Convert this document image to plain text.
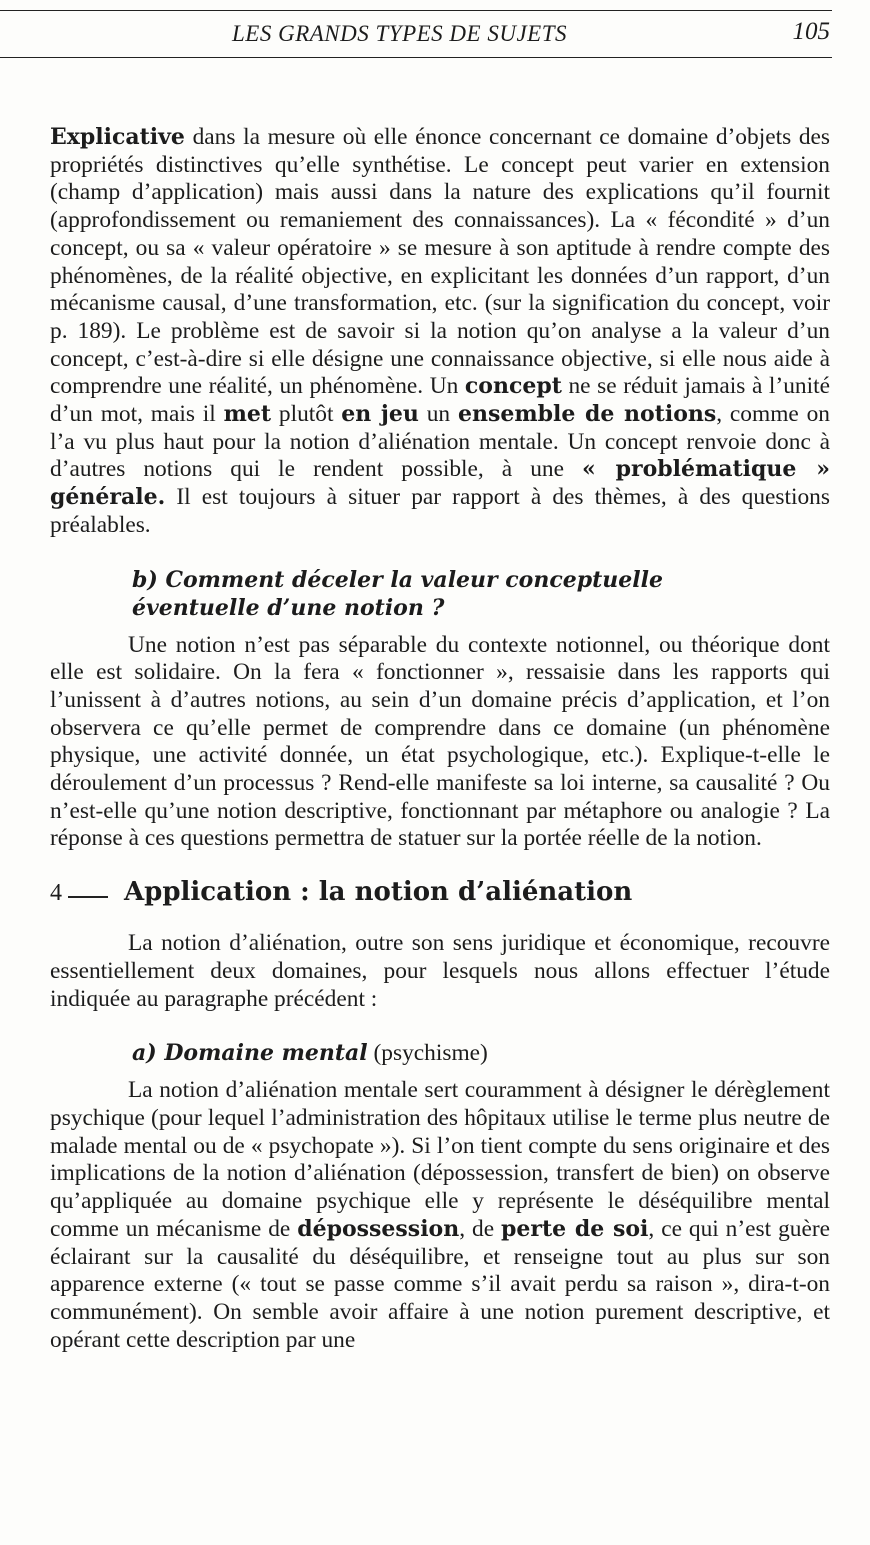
LES GRANDS TYPES DE SUJETS	105

Explicative dans la mesure où elle énonce concernant ce domaine d’objets des propriétés distinctives qu’elle synthétise. Le concept peut varier en extension (champ d’application) mais aussi dans la nature des explications qu’il fournit (approfondissement ou remaniement des connaissances). La « fécondité » d’un concept, ou sa « valeur opératoire » se mesure à son aptitude à rendre compte des phénomènes, de la réalité objective, en explicitant les données d’un rapport, d’un mécanisme causal, d’une transformation, etc. (sur la signification du concept, voir p. 189). Le problème est de savoir si la notion qu’on analyse a la valeur d’un concept, c’est-à-dire si elle désigne une connaissance objective, si elle nous aide à comprendre une réalité, un phénomène. Un concept ne se réduit jamais à l’unité d’un mot, mais il met plutôt en jeu un ensemble de notions, comme on l’a vu plus haut pour la notion d’aliénation mentale. Un concept renvoie donc à d’autres notions qui le rendent possible, à une « problématique » générale. Il est toujours à situer par rapport à des thèmes, à des questions préalables.

b) Comment déceler la valeur conceptuelle
éventuelle d’une notion ?

Une notion n’est pas séparable du contexte notionnel, ou théorique dont elle est solidaire. On la fera « fonctionner », ressaisie dans les rapports qui l’unissent à d’autres notions, au sein d’un domaine précis d’application, et l’on observera ce qu’elle permet de comprendre dans ce domaine (un phénomène physique, une activité donnée, un état psychologique, etc.). Explique-t-elle le déroulement d’un processus ? Rend-elle manifeste sa loi interne, sa causalité ? Ou n’est-elle qu’une notion descriptive, fonctionnant par métaphore ou analogie ? La réponse à ces questions permettra de statuer sur la portée réelle de la notion.

4 Application : la notion d’aliénation

La notion d’aliénation, outre son sens juridique et économique, recouvre essentiellement deux domaines, pour lesquels nous allons effectuer l’étude indiquée au paragraphe précédent :

a) Domaine mental (psychisme)

La notion d’aliénation mentale sert couramment à désigner le dérèglement psychique (pour lequel l’administration des hôpitaux utilise le terme plus neutre de malade mental ou de « psychopate »). Si l’on tient compte du sens originaire et des implications de la notion d’aliénation (dépossession, transfert de bien) on observe qu’appliquée au domaine psychique elle y représente le déséquilibre mental comme un mécanisme de dépossession, de perte de soi, ce qui n’est guère éclairant sur la causalité du déséquilibre, et renseigne tout au plus sur son apparence externe (« tout se passe comme s’il avait perdu sa raison », dira-t-on communément). On semble avoir affaire à une notion purement descriptive, et opérant cette description par une
